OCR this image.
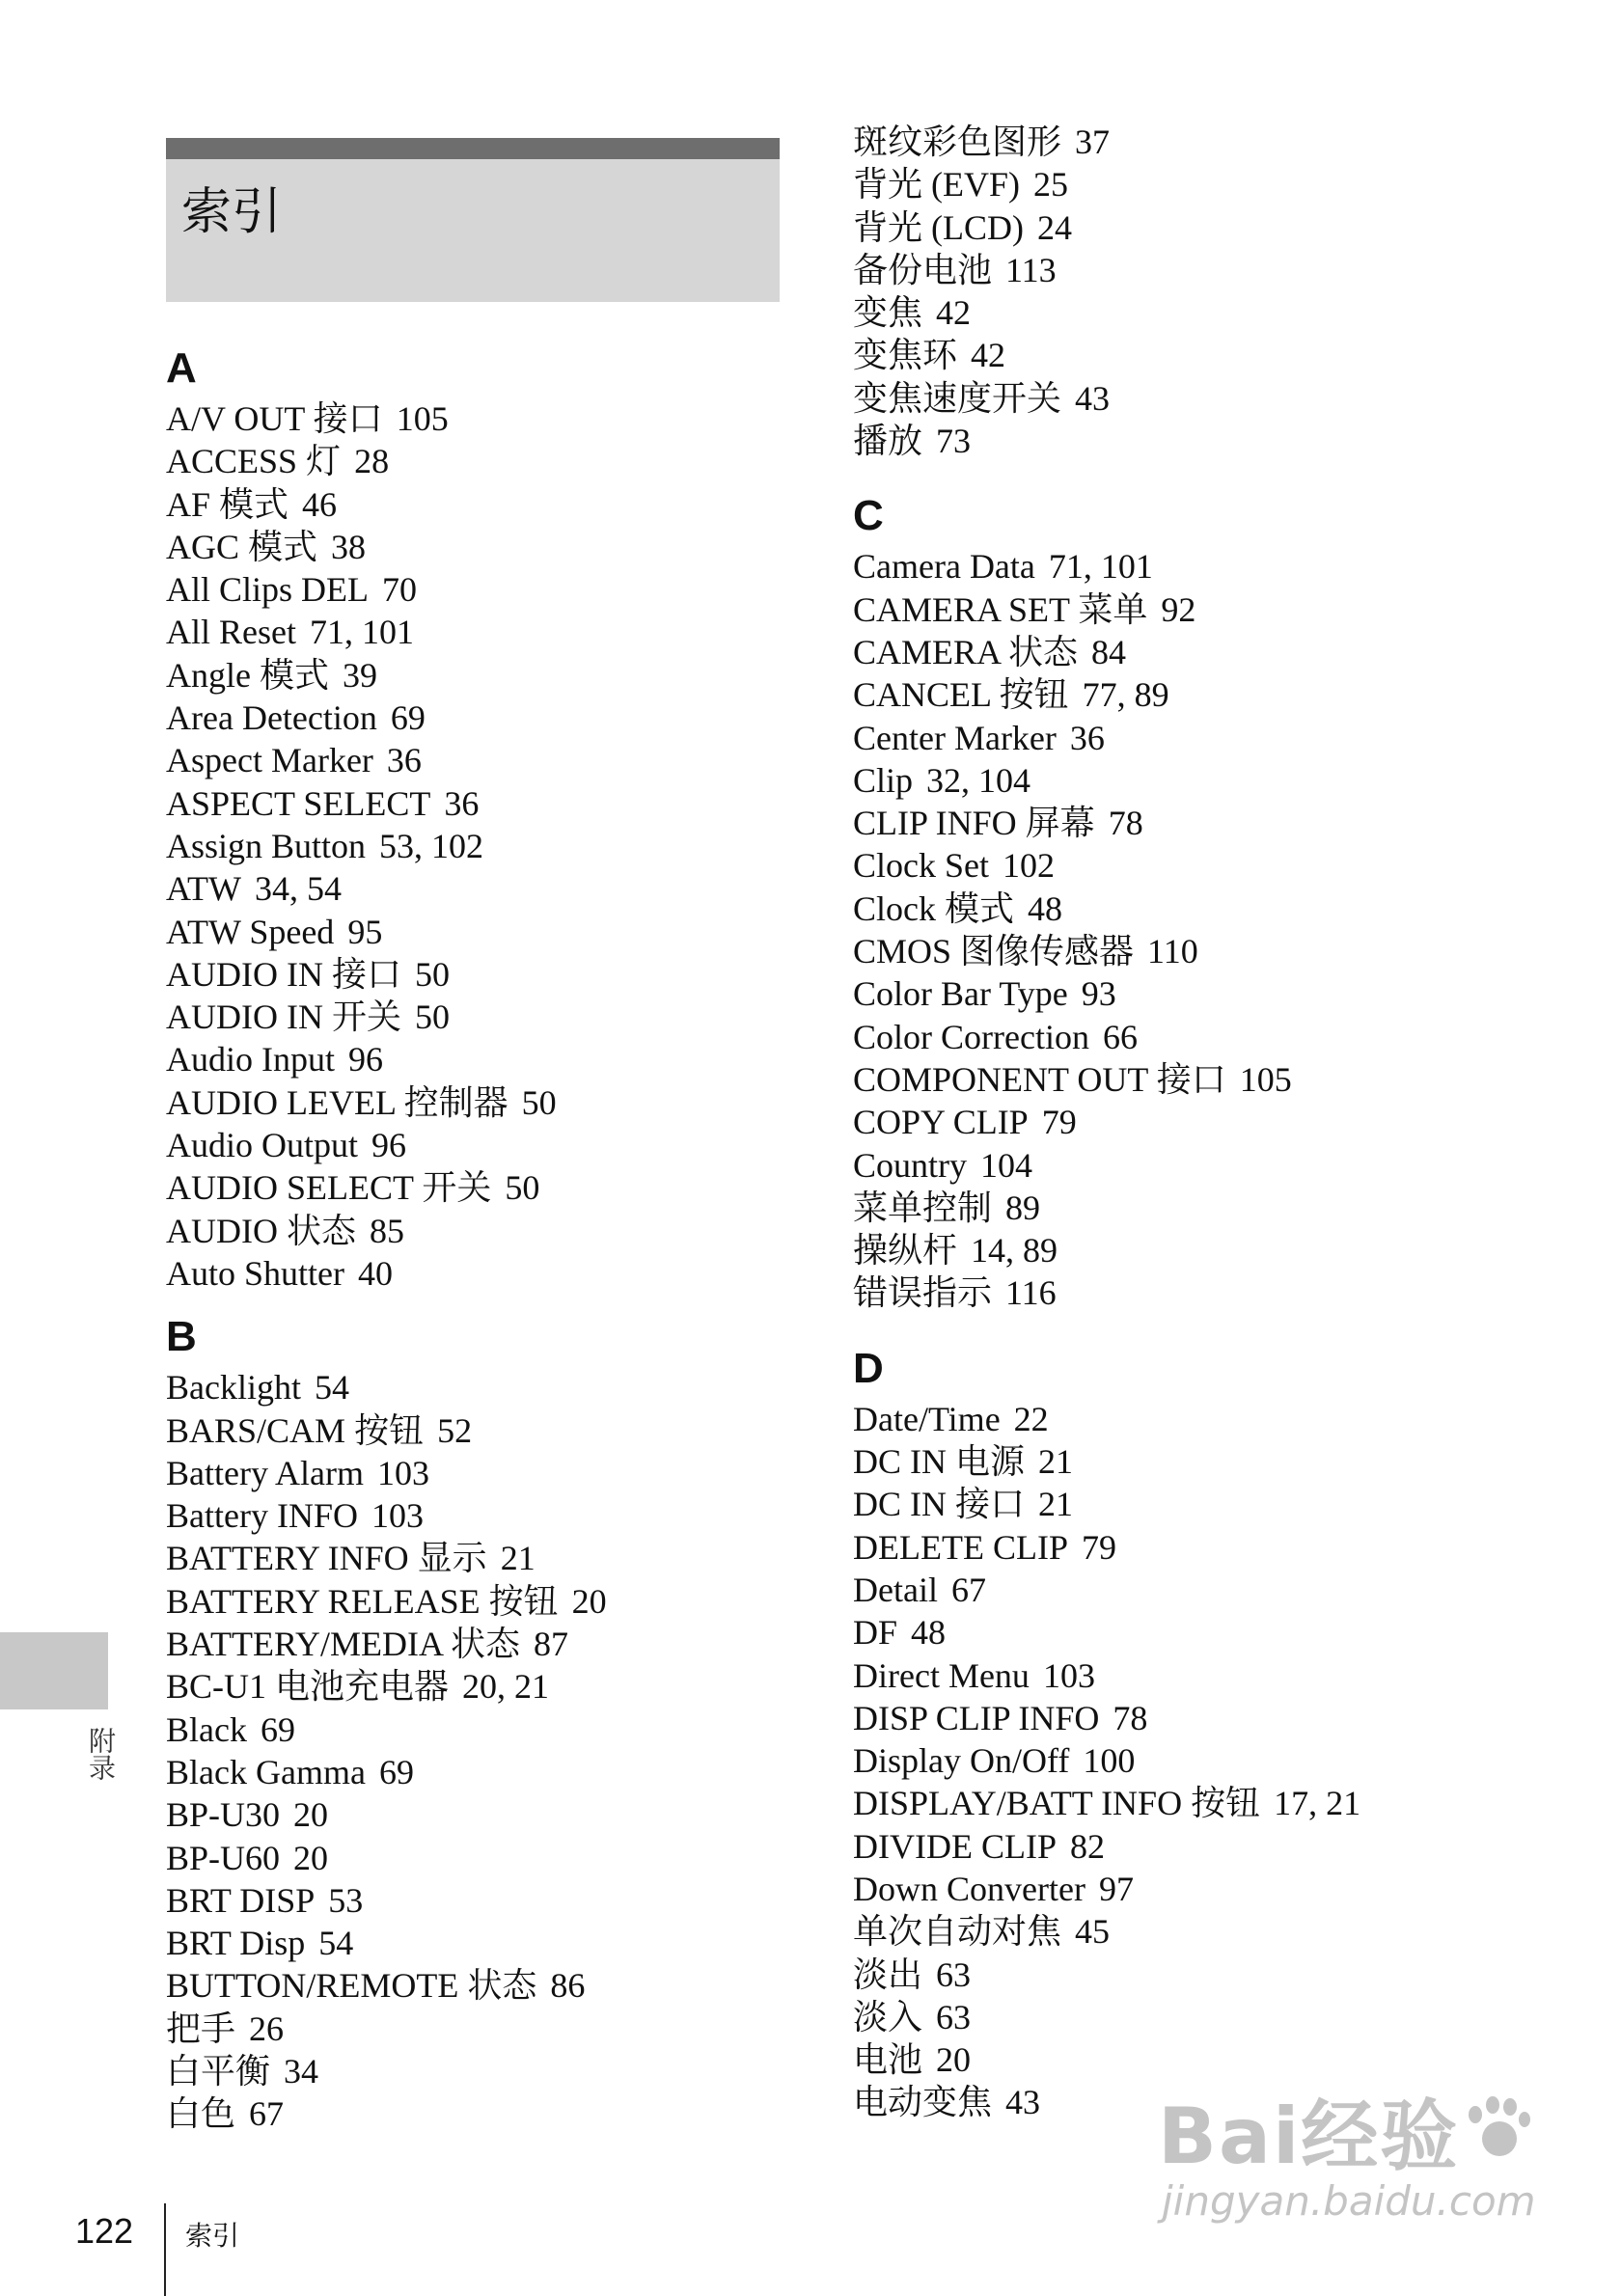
索引
A
A/V OUT 接口 105
ACCESS 灯 28
AF 模式 46
AGC 模式 38
All Clips DEL 70
All Reset 71, 101
Angle 模式 39
Area Detection 69
Aspect Marker 36
ASPECT SELECT 36
Assign Button 53, 102
ATW 34, 54
ATW Speed 95
AUDIO IN 接口 50
AUDIO IN 开关 50
Audio Input 96
AUDIO LEVEL 控制器 50
Audio Output 96
AUDIO SELECT 开关 50
AUDIO 状态 85
Auto Shutter 40
B
Backlight 54
BARS/CAM 按钮 52
Battery Alarm 103
Battery INFO 103
BATTERY INFO 显示 21
BATTERY RELEASE 按钮 20
BATTERY/MEDIA 状态 87
BC-U1 电池充电器 20, 21
Black 69
Black Gamma 69
BP-U30 20
BP-U60 20
BRT DISP 53
BRT Disp 54
BUTTON/REMOTE 状态 86
把手 26
白平衡 34
白色 67
斑纹彩色图形 37
背光 (EVF) 25
背光 (LCD) 24
备份电池 113
变焦 42
变焦环 42
变焦速度开关 43
播放 73
C
Camera Data 71, 101
CAMERA SET 菜单 92
CAMERA 状态 84
CANCEL 按钮 77, 89
Center Marker 36
Clip 32, 104
CLIP INFO 屏幕 78
Clock Set 102
Clock 模式 48
CMOS 图像传感器 110
Color Bar Type 93
Color Correction 66
COMPONENT OUT 接口 105
COPY CLIP 79
Country 104
菜单控制 89
操纵杆 14, 89
错误指示 116
D
Date/Time 22
DC IN 电源 21
DC IN 接口 21
DELETE CLIP 79
Detail 67
DF 48
Direct Menu 103
DISP CLIP INFO 78
Display On/Off 100
DISPLAY/BATT INFO 按钮 17, 21
DIVIDE CLIP 82
Down Converter 97
单次自动对焦 45
淡出 63
淡入 63
电池 20
电动变焦 43
附录
122 索引
Bai经验
jingyan.baidu.com
